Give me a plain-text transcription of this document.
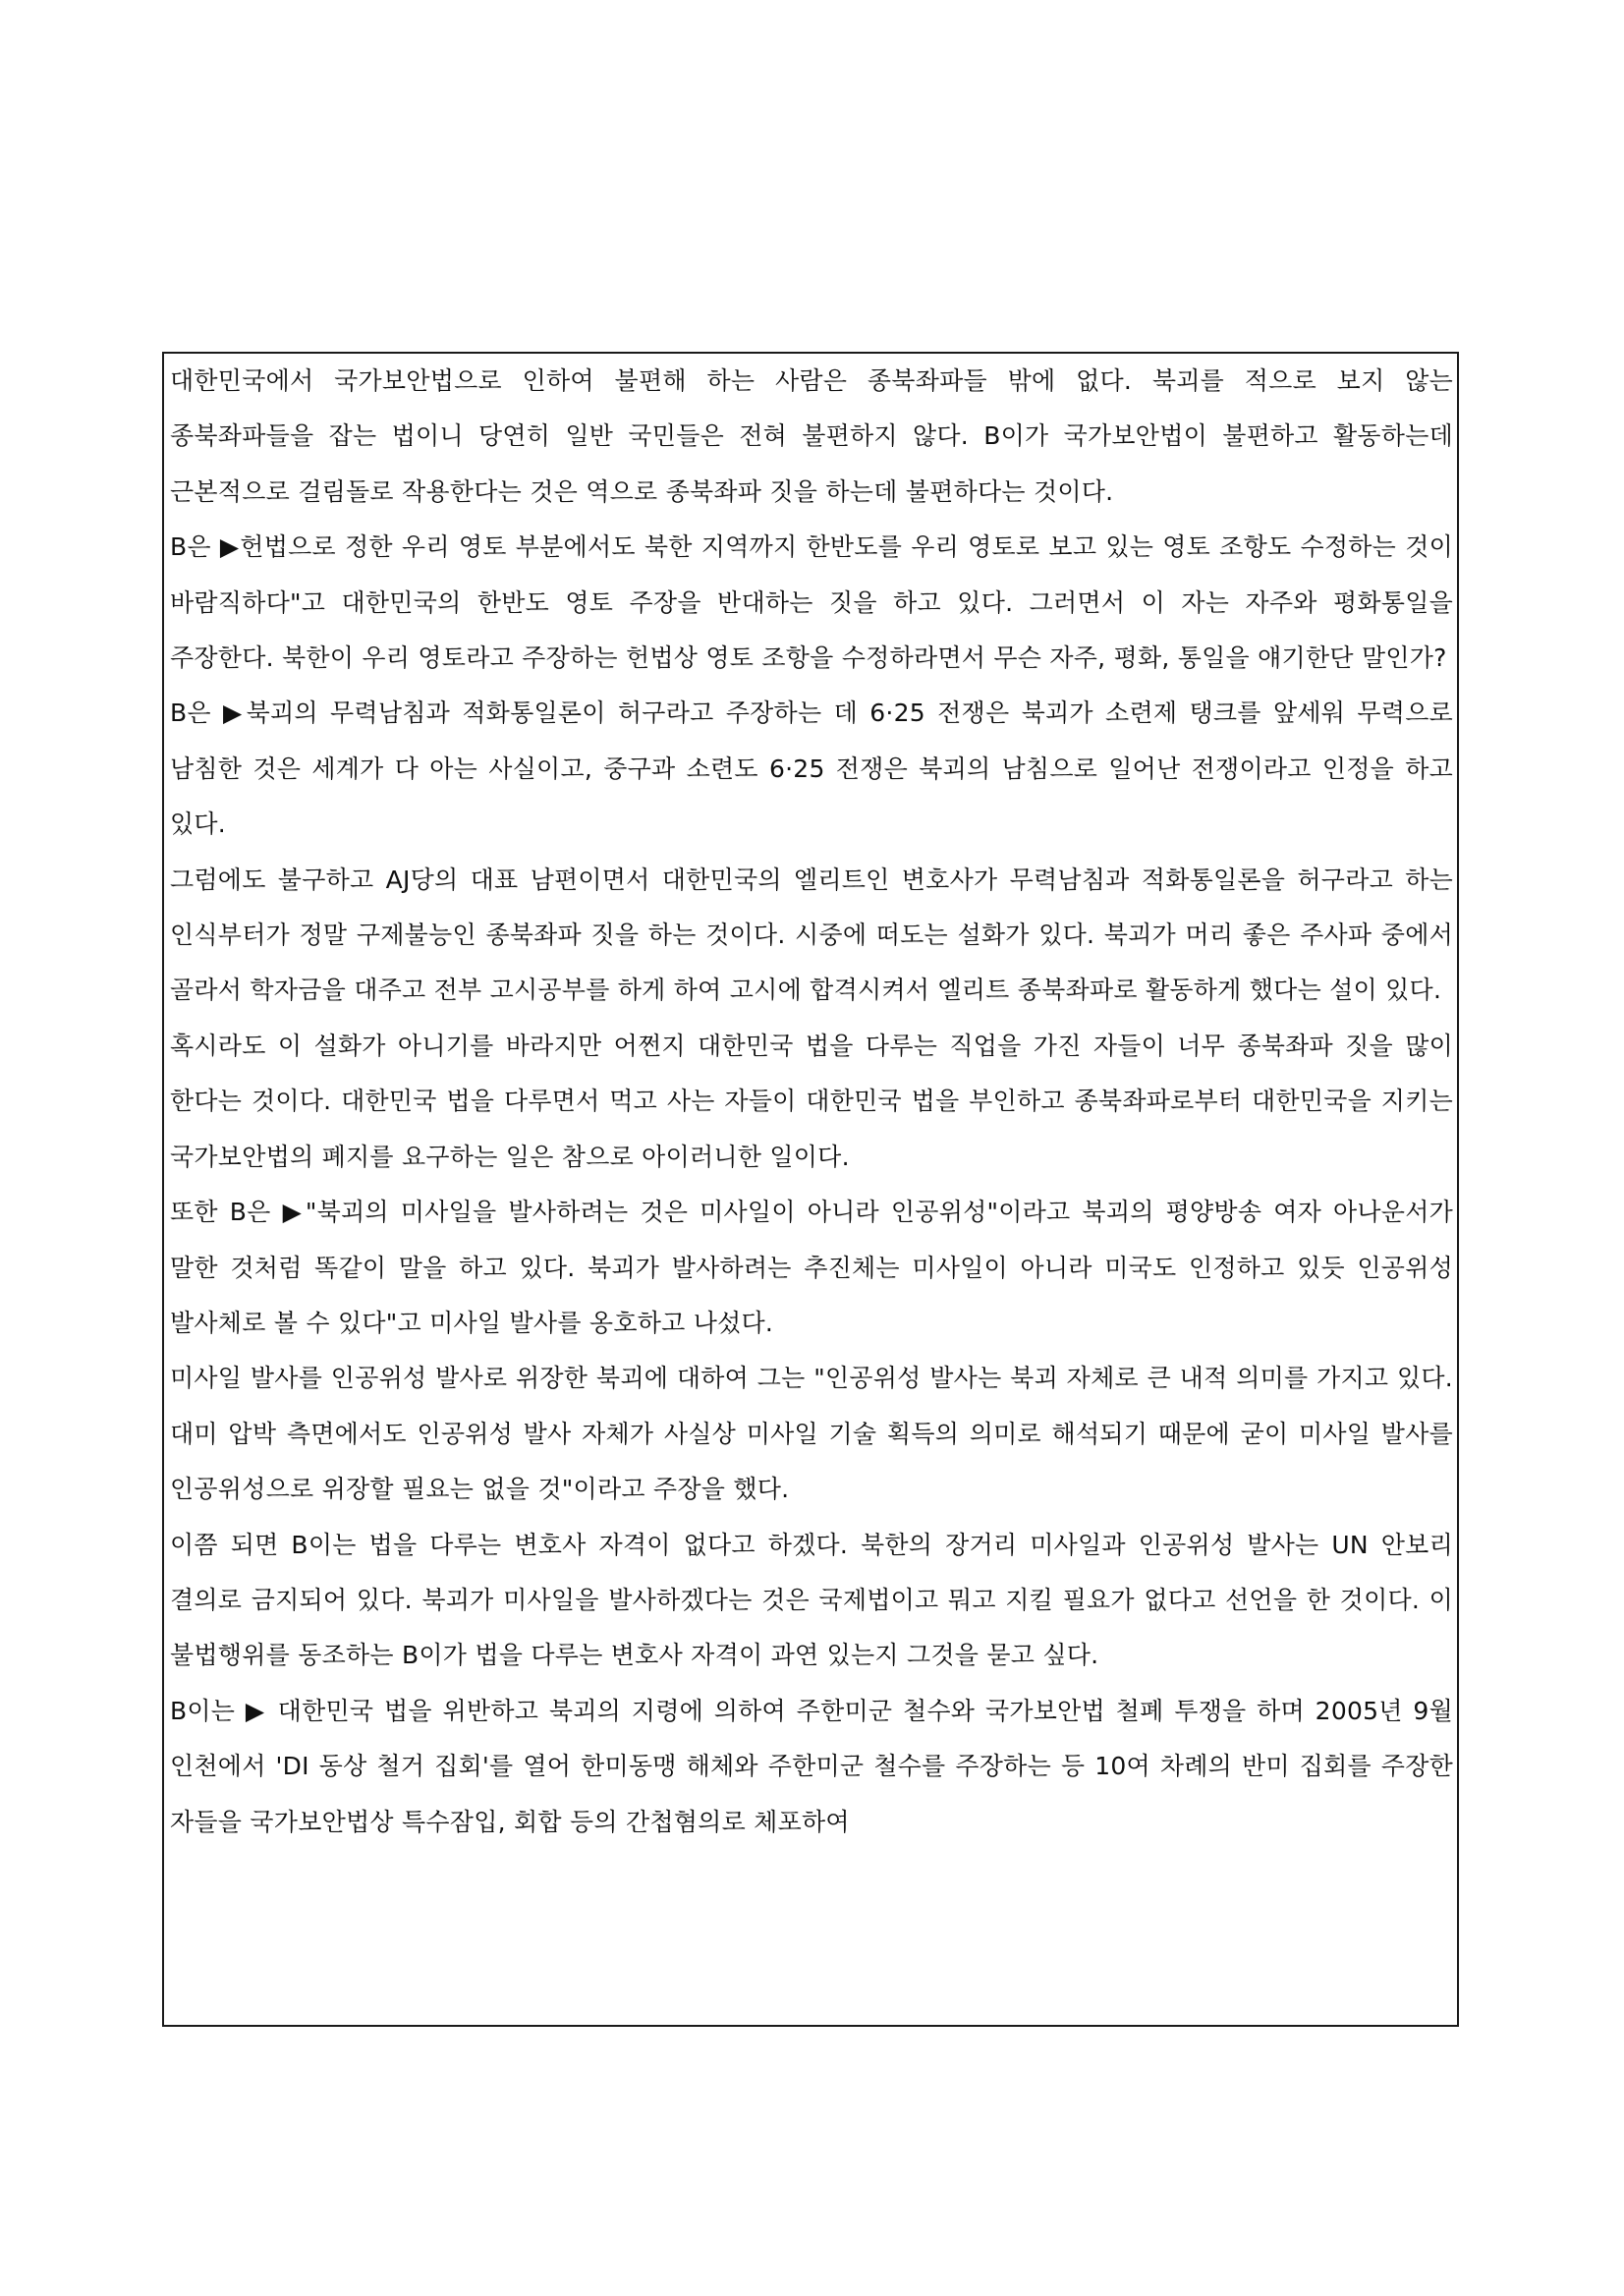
대한민국에서 국가보안법으로 인하여 불편해 하는 사람은 종북좌파들 밖에 없다. 북괴를 적으로 보지 않는 종북좌파들을 잡는 법이니 당연히 일반 국민들은 전혀 불편하지 않다. B이가 국가보안법이 불편하고 활동하는데 근본적으로 걸림돌로 작용한다는 것은 역으로 종북좌파 짓을 하는데 불편하다는 것이다.

B은 ▶헌법으로 정한 우리 영토 부분에서도 북한 지역까지 한반도를 우리 영토로 보고 있는 영토 조항도 수정하는 것이 바람직하다"고 대한민국의 한반도 영토 주장을 반대하는 짓을 하고 있다. 그러면서 이 자는 자주와 평화통일을 주장한다. 북한이 우리 영토라고 주장하는 헌법상 영토 조항을 수정하라면서 무슨 자주, 평화, 통일을 얘기한단 말인가?

B은 ▶북괴의 무력남침과 적화통일론이 허구라고 주장하는 데 6·25 전쟁은 북괴가 소련제 탱크를 앞세워 무력으로 남침한 것은 세계가 다 아는 사실이고, 중구과 소련도 6·25 전쟁은 북괴의 남침으로 일어난 전쟁이라고 인정을 하고 있다.

그럼에도 불구하고 AJ당의 대표 남편이면서 대한민국의 엘리트인 변호사가 무력남침과 적화통일론을 허구라고 하는 인식부터가 정말 구제불능인 종북좌파 짓을 하는 것이다. 시중에 떠도는 설화가 있다. 북괴가 머리 좋은 주사파 중에서 골라서 학자금을 대주고 전부 고시공부를 하게 하여 고시에 합격시켜서 엘리트 종북좌파로 활동하게 했다는 설이 있다.

혹시라도 이 설화가 아니기를 바라지만 어쩐지 대한민국 법을 다루는 직업을 가진 자들이 너무 종북좌파 짓을 많이 한다는 것이다. 대한민국 법을 다루면서 먹고 사는 자들이 대한민국 법을 부인하고 종북좌파로부터 대한민국을 지키는 국가보안법의 폐지를 요구하는 일은 참으로 아이러니한 일이다.

또한 B은 ▶"북괴의 미사일을 발사하려는 것은 미사일이 아니라 인공위성"이라고 북괴의 평양방송 여자 아나운서가 말한 것처럼 똑같이 말을 하고 있다. 북괴가 발사하려는 추진체는 미사일이 아니라 미국도 인정하고 있듯 인공위성 발사체로 볼 수 있다"고 미사일 발사를 옹호하고 나섰다.

미사일 발사를 인공위성 발사로 위장한 북괴에 대하여 그는 "인공위성 발사는 북괴 자체로 큰 내적 의미를 가지고 있다. 대미 압박 측면에서도 인공위성 발사 자체가 사실상 미사일 기술 획득의 의미로 해석되기 때문에 굳이 미사일 발사를 인공위성으로 위장할 필요는 없을 것"이라고 주장을 했다.

이쯤 되면 B이는 법을 다루는 변호사 자격이 없다고 하겠다. 북한의 장거리 미사일과 인공위성 발사는 UN 안보리 결의로 금지되어 있다. 북괴가 미사일을 발사하겠다는 것은 국제법이고 뭐고 지킬 필요가 없다고 선언을 한 것이다. 이 불법행위를 동조하는 B이가 법을 다루는 변호사 자격이 과연 있는지 그것을 묻고 싶다.

B이는 ▶ 대한민국 법을 위반하고 북괴의 지령에 의하여 주한미군 철수와 국가보안법 철폐 투쟁을 하며 2005년 9월 인천에서 'DI 동상 철거 집회'를 열어 한미동맹 해체와 주한미군 철수를 주장하는 등 10여 차례의 반미 집회를 주장한 자들을 국가보안법상 특수잠입, 회합 등의 간첩혐의로 체포하여
